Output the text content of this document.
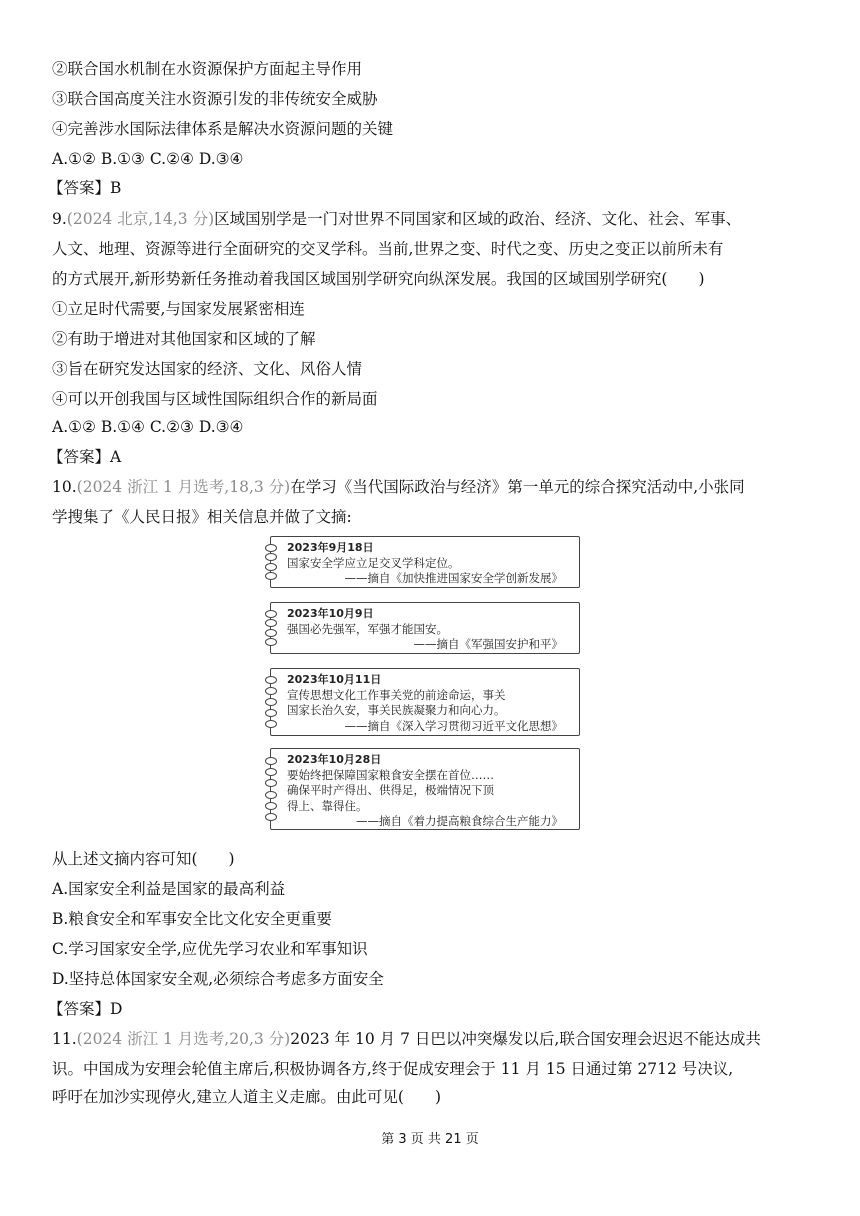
②联合国水机制在水资源保护方面起主导作用
③联合国高度关注水资源引发的非传统安全威胁
④完善涉水国际法律体系是解决水资源问题的关键
A.①② B.①③ C.②④ D.③④
【答案】B
9.(2024 北京,14,3 分)区域国别学是一门对世界不同国家和区域的政治、经济、文化、社会、军事、
人文、地理、资源等进行全面研究的交叉学科。当前,世界之变、时代之变、历史之变正以前所未有
的方式展开,新形势新任务推动着我国区域国别学研究向纵深发展。我国的区域国别学研究(　　)
①立足时代需要,与国家发展紧密相连
②有助于增进对其他国家和区域的了解
③旨在研究发达国家的经济、文化、风俗人情
④可以开创我国与区域性国际组织合作的新局面
A.①② B.①④ C.②③ D.③④
【答案】A
10.(2024 浙江 1 月选考,18,3 分)在学习《当代国际政治与经济》第一单元的综合探究活动中,小张同
学搜集了《人民日报》相关信息并做了文摘:
2023年9月18日
国家安全学应立足交叉学科定位。
——摘自《加快推进国家安全学创新发展》
2023年10月9日
强国必先强军，军强才能国安。
——摘自《军强国安护和平》
2023年10月11日
宣传思想文化工作事关党的前途命运，事关
国家长治久安，事关民族凝聚力和向心力。
——摘自《深入学习贯彻习近平文化思想》
2023年10月28日
要始终把保障国家粮食安全摆在首位……
确保平时产得出、供得足，极端情况下顶
得上、靠得住。
——摘自《着力提高粮食综合生产能力》
从上述文摘内容可知(　　)
A.国家安全利益是国家的最高利益
B.粮食安全和军事安全比文化安全更重要
C.学习国家安全学,应优先学习农业和军事知识
D.坚持总体国家安全观,必须综合考虑多方面安全
【答案】D
11.(2024 浙江 1 月选考,20,3 分)2023 年 10 月 7 日巴以冲突爆发以后,联合国安理会迟迟不能达成共
识。中国成为安理会轮值主席后,积极协调各方,终于促成安理会于 11 月 15 日通过第 2712 号决议,
呼吁在加沙实现停火,建立人道主义走廊。由此可见(　　)
第 3 页 共 21 页
